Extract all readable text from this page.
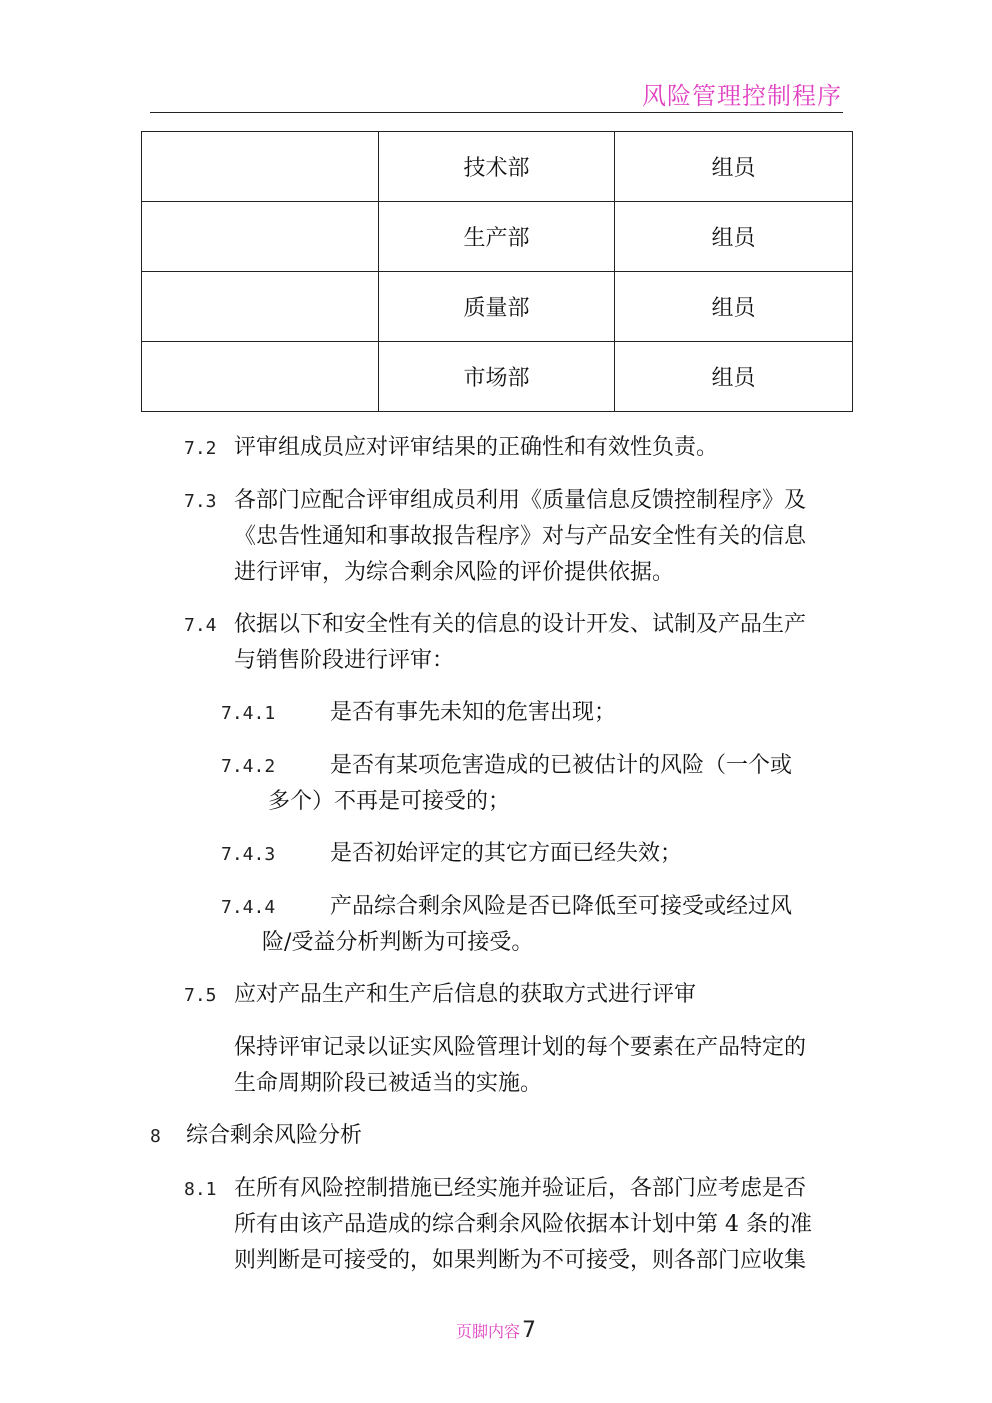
风险管理控制程序
	技术部	组员
	生产部	组员
	质量部	组员
	市场部	组员
7.2 评审组成员应对评审结果的正确性和有效性负责。
7.3 各部门应配合评审组成员利用《质量信息反馈控制程序》及
《忠告性通知和事故报告程序》对与产品安全性有关的信息
进行评审，为综合剩余风险的评价提供依据。
7.4 依据以下和安全性有关的信息的设计开发、试制及产品生产
与销售阶段进行评审：
7.4.1 是否有事先未知的危害出现；
7.4.2 是否有某项危害造成的已被估计的风险（一个或
多个）不再是可接受的；
7.4.3 是否初始评定的其它方面已经失效；
7.4.4 产品综合剩余风险是否已降低至可接受或经过风
险/受益分析判断为可接受。
7.5 应对产品生产和生产后信息的获取方式进行评审
保持评审记录以证实风险管理计划的每个要素在产品特定的
生命周期阶段已被适当的实施。
8 综合剩余风险分析
8.1 在所有风险控制措施已经实施并验证后，各部门应考虑是否
所有由该产品造成的综合剩余风险依据本计划中第 4 条的准
则判断是可接受的，如果判断为不可接受，则各部门应收集
页脚内容7
